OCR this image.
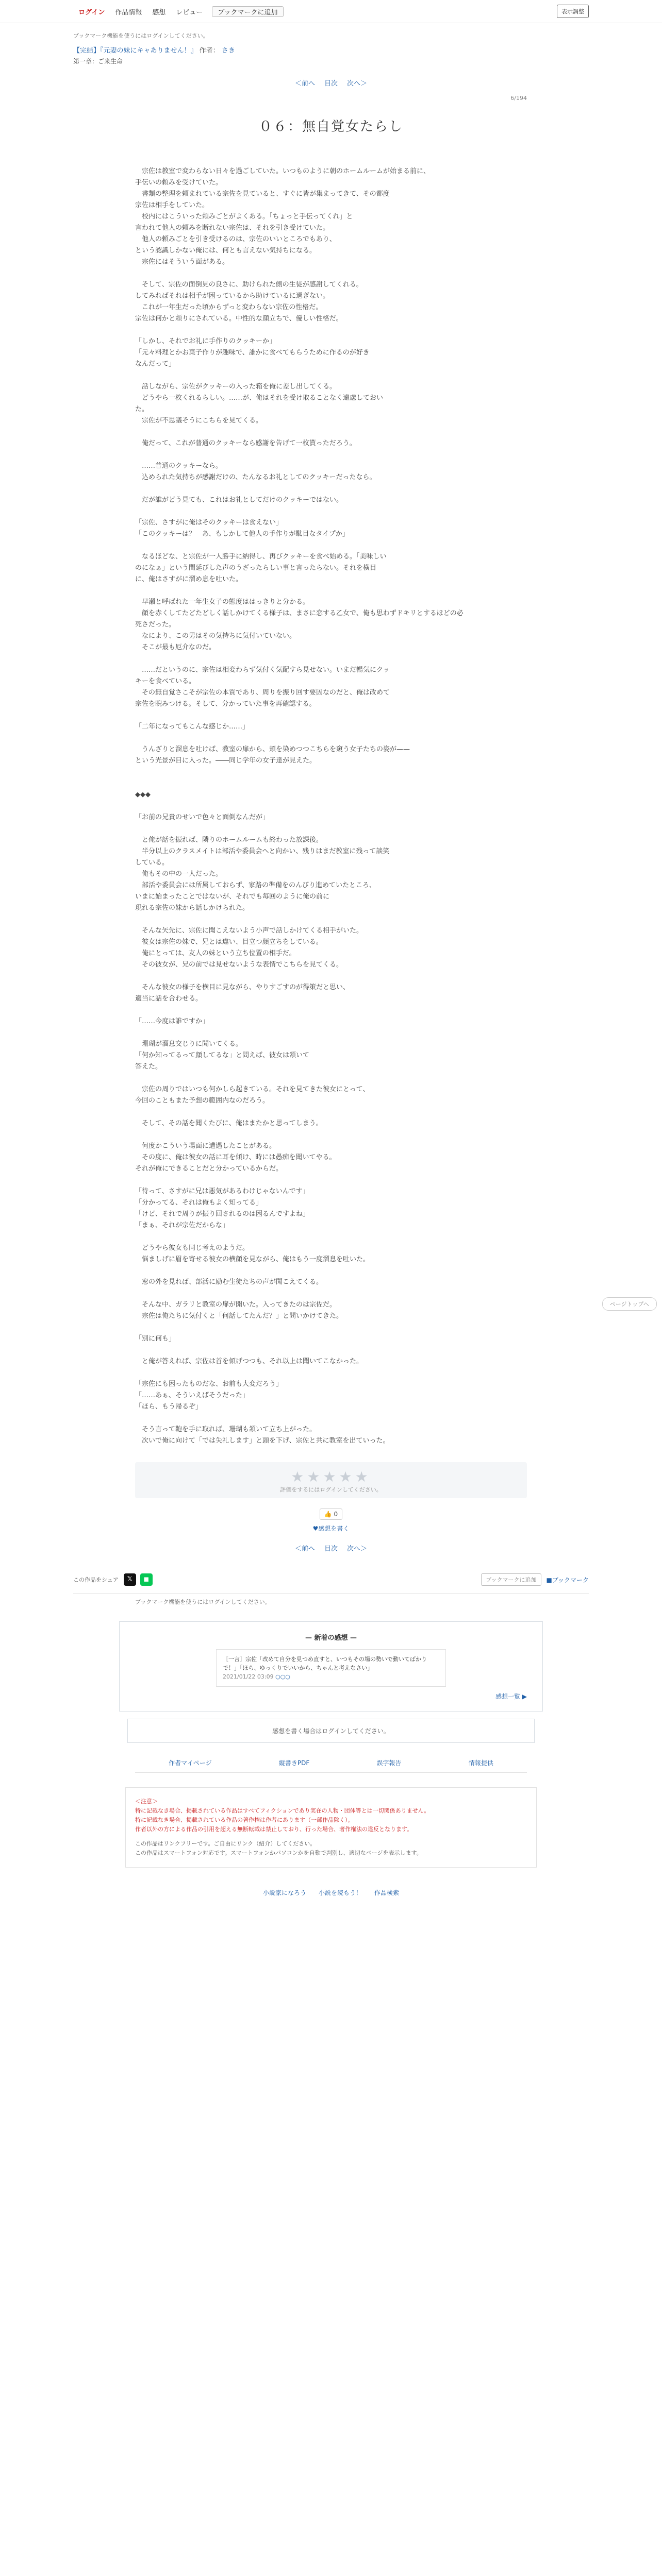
ログイン	作品情報	感想	レビュー	ブックマークに追加	表示調整
ブックマーク機能を使うにはログインしてください。
【完結】『元妻の妹にキャありません！』 作者： さき
第一章：ご来生命
＜前へ 目次 次へ＞
6/194
０６：無自覚女たらし

　宗佐は教室で変わらない日々を過ごしていた。いつものように朝のホームルームが始まる前に、

手伝いの頼みを受けていた。

　書類の整理を頼まれている宗佐を見ていると、すぐに皆が集まってきて、その都度

宗佐は相手をしていた。

　校内にはこういった頼みごとがよくある。「ちょっと手伝ってくれ」と

言われて他人の頼みを断れない宗佐は、それを引き受けていた。

　他人の頼みごとを引き受けるのは、宗佐のいいところでもあり、

という認識しかない俺には、何とも言えない気持ちになる。

　宗佐にはそういう面がある。

　そして、宗佐の面倒見の良さに、助けられた側の生徒が感謝してくれる。

してみればそれは相手が困っているから助けているに過ぎない。

　これが一年生だった頃からずっと変わらない宗佐の性格だ。

宗佐は何かと頼りにされている。中性的な顔立ちで、優しい性格だ。

「しかし、それでお礼に手作りのクッキーか」

「元々料理とかお菓子作りが趣味で、誰かに食べてもらうために作るのが好き

なんだって」

　話しながら、宗佐がクッキーの入った箱を俺に差し出してくる。

　どうやら一枚くれるらしい。……が、俺はそれを受け取ることなく遠慮しておい

た。

　宗佐が不思議そうにこちらを見てくる。

　俺だって、これが普通のクッキーなら感謝を告げて一枚貰っただろう。

　……普通のクッキーなら。

　込められた気持ちが感謝だけの、たんなるお礼としてのクッキーだったなら。

　だが誰がどう見ても、これはお礼としてだけのクッキーではない。

「宗佐、さすがに俺はそのクッキーは食えない」

「このクッキーは？　あ、もしかして他人の手作りが駄目なタイプか」

　なるほどな、と宗佐が一人勝手に納得し、再びクッキーを食べ始める。「美味しい

のになぁ」という間延びした声のうざったらしい事と言ったらない。それを横目

に、俺はさすがに溜め息を吐いた。

　早瀬と呼ばれた一年生女子の態度ははっきりと分かる。

　顔を赤くしてたどたどしく話しかけてくる様子は、まさに恋する乙女で、俺も思わずドキリとするほどの必

死さだった。

　なにより、この男はその気持ちに気付いていない。

　そこが最も厄介なのだ。

　……だというのに、宗佐は相変わらず気付く気配すら見せない。いまだ暢気にクッ

キーを食べている。

　その無自覚さこそが宗佐の本質であり、周りを振り回す要因なのだと、俺は改めて

宗佐を睨みつける。そして、分かっていた事を再確認する。

「二年になってもこんな感じか……」

　うんざりと溜息を吐けば、教室の扉から、頬を染めつつこちらを窺う女子たちの姿が——

という光景が目に入った。――同じ学年の女子達が見えた。

◆◆◆

「お前の兄貴のせいで色々と面倒なんだが」

　と俺が話を振れば、隣りのホームルームも終わった放課後。

　半分以上のクラスメイトは部活や委員会へと向かい、残りはまだ教室に残って談笑

している。

　俺もその中の一人だった。

　部活や委員会には所属しておらず、家路の準備をのんびり進めていたところ、

いまに始まったことではないが、それでも毎回のように俺の前に

現れる宗佐の妹から話しかけられた。

　そんな矢先に、宗佐に聞こえないよう小声で話しかけてくる相手がいた。

　彼女は宗佐の妹で、兄とは違い、目立つ顔立ちをしている。

　俺にとっては、友人の妹という立ち位置の相手だ。

　その彼女が、兄の前では見せないような表情でこちらを見てくる。

　そんな彼女の様子を横目に見ながら、やりすごすのが得策だと思い、

適当に話を合わせる。

「……今度は誰ですか」

　珊瑚が溜息交じりに聞いてくる。

「何か知ってるって顔してるな」と問えば、彼女は頷いて

答えた。

　宗佐の周りではいつも何かしら起きている。それを見てきた彼女にとって、

今回のこともまた予想の範囲内なのだろう。

　そして、その話を聞くたびに、俺はまたかと思ってしまう。

　何度かこういう場面に遭遇したことがある。

　その度に、俺は彼女の話に耳を傾け、時には愚痴を聞いてやる。

それが俺にできることだと分かっているからだ。

「待って、さすがに兄は悪気があるわけじゃないんです」

「分かってる、それは俺もよく知ってる」

「けど、それで周りが振り回されるのは困るんですよね」

「まぁ、それが宗佐だからな」

　どうやら彼女も同じ考えのようだ。

　悩ましげに眉を寄せる彼女の横顔を見ながら、俺はもう一度溜息を吐いた。

　窓の外を見れば、部活に励む生徒たちの声が聞こえてくる。

　そんな中、ガラリと教室の扉が開いた。入ってきたのは宗佐だ。

　宗佐は俺たちに気付くと「何話してたんだ？」と問いかけてきた。

「別に何も」

　と俺が答えれば、宗佐は首を傾げつつも、それ以上は聞いてこなかった。

「宗佐にも困ったものだな、お前も大変だろう」

「……あぁ、そういえばそうだった」

「ほら、もう帰るぞ」

　そう言って鞄を手に取れば、珊瑚も頷いて立ち上がった。

　次いで俺に向けて「では失礼します」と頭を下げ、宗佐と共に教室を出ていった。

★★★★★
評価をするにはログインしてください。
👍 0
♥感想を書く
＜前へ 目次 次へ＞
この作品をシェア	𝕏	◼	ブックマークに追加	■ブックマーク
ブックマーク機能を使うにはログインしてください。
— 新着の感想 —
［一言］宗佐「改めて自分を見つめ直すと、いつもその場の勢いで動いてばかりで！」「ほら、ゆっくりでいいから、ちゃんと考えなさい」
2021/01/22 03:09 ○○○
感想一覧 ▶
感想を書く場合はログインしてください。
作者マイページ	縦書きPDF	誤字報告	情報提供
＜注意＞
特に記載なき場合、掲載されている作品はすべてフィクションであり実在の人物・団体等とは一切関係ありません。
特に記載なき場合、掲載されている作品の著作権は作者にあります（一部作品除く）。
作者以外の方による作品の引用を超える無断転載は禁止しており、行った場合、著作権法の違反となります。
この作品はリンクフリーです。ご自由にリンク（紹介）してください。
この作品はスマートフォン対応です。スマートフォンかパソコンかを自動で判別し、適切なページを表示します。
小説家になろう 小説を読もう！ 作品検索
ページトップへ
